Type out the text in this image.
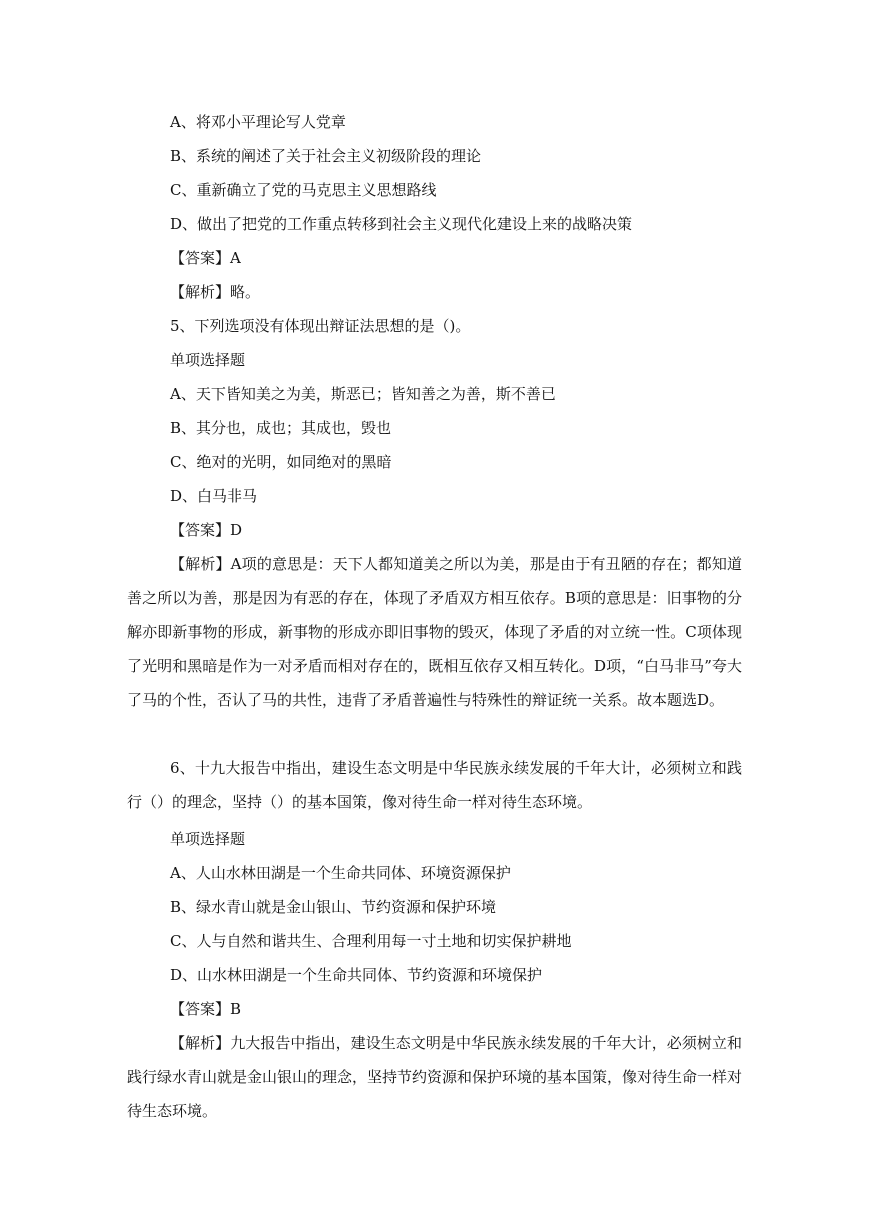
A、将邓小平理论写人党章

B、系统的阐述了关于社会主义初级阶段的理论

C、重新确立了党的马克思主义思想路线

D、做出了把党的工作重点转移到社会主义现代化建设上来的战略决策

【答案】A

【解析】略。

5、下列选项没有体现出辩证法思想的是（)。

单项选择题

A、天下皆知美之为美，斯恶已；皆知善之为善，斯不善已

B、其分也，成也；其成也，毁也

C、绝对的光明，如同绝对的黑暗

D、白马非马

【答案】D

【解析】A项的意思是：天下人都知道美之所以为美，那是由于有丑陋的存在；都知道善之所以为善，那是因为有恶的存在，体现了矛盾双方相互依存。B项的意思是：旧事物的分解亦即新事物的形成，新事物的形成亦即旧事物的毁灭，体现了矛盾的对立统一性。C项体现了光明和黑暗是作为一对矛盾而相对存在的，既相互依存又相互转化。D项，“白马非马”夸大了马的个性，否认了马的共性，违背了矛盾普遍性与特殊性的辩证统一关系。故本题选D。

6、十九大报告中指出，建设生态文明是中华民族永续发展的千年大计，必须树立和践行（）的理念，坚持（）的基本国策，像对待生命一样对待生态环境。

单项选择题

A、人山水林田湖是一个生命共同体、环境资源保护

B、绿水青山就是金山银山、节约资源和保护环境

C、人与自然和谐共生、合理利用每一寸土地和切实保护耕地

D、山水林田湖是一个生命共同体、节约资源和环境保护

【答案】B

【解析】九大报告中指出，建设生态文明是中华民族永续发展的千年大计，必须树立和践行绿水青山就是金山银山的理念，坚持节约资源和保护环境的基本国策，像对待生命一样对待生态环境。
